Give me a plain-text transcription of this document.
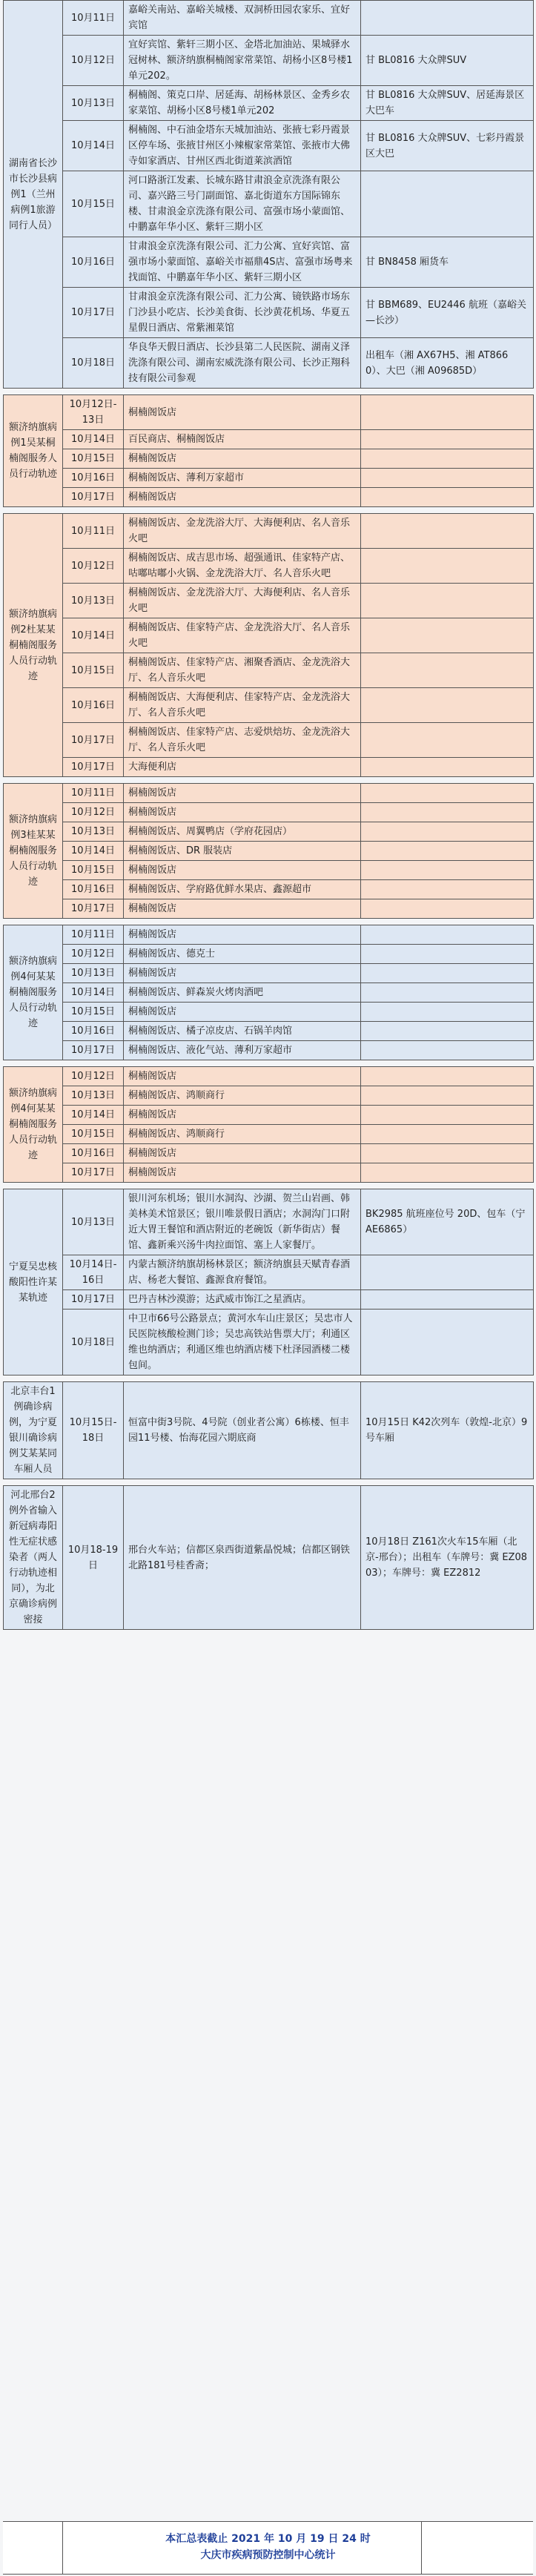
湖南省长沙市长沙县病例1（兰州病例1旅游同行人员）	10月11日	嘉峪关南站、嘉峪关城楼、双洞桥田园农家乐、宜好宾馆	
	10月12日	宜好宾馆、紫轩三期小区、金塔北加油站、果城驿水冠树林、额济纳旗桐楠阁家常菜馆、胡杨小区8号楼1单元202。	甘 BL0816 大众牌SUV
	10月13日	桐楠阁、策克口岸、居延海、胡杨林景区、金秀乡农家菜馆、胡杨小区8号楼1单元202	甘 BL0816 大众牌SUV、居延海景区大巴车
	10月14日	桐楠阁、中石油金塔东天城加油站、张掖七彩丹霞景区停车场、张掖甘州区小辣椒家常菜馆、张掖市大佛寺如家酒店、甘州区西北街道莱滨酒馆	甘 BL0816 大众牌SUV、七彩丹霞景区大巴
	10月15日	河口路浙江发素、长城东路甘肃浪金京洗涤有限公司、嘉兴路三号门副面馆、嘉北街道东方国际锦东楼、甘肃浪金京洗涤有限公司、富强市场小蒙面馆、中鹏嘉年华小区、紫轩三期小区	
	10月16日	甘肃浪金京洗涤有限公司、汇力公寓、宜好宾馆、富强市场小蒙面馆、嘉峪关市福鼎4S店、富强市场粤来找面馆、中鹏嘉年华小区、紫轩三期小区	甘 BN8458 厢货车
	10月17日	甘肃浪金京洗涤有限公司、汇力公寓、镜铁路市场东门沙县小吃店、长沙美食街、长沙黄花机场、华夏五星假日酒店、常紫湘菜馆	甘 BBM689、EU2446 航班（嘉峪关—长沙）
	10月18日	华良华天假日酒店、长沙县第二人民医院、湖南义泽洗涤有限公司、湖南宏威洗涤有限公司、长沙正翔科技有限公司参观	出租车（湘 AX67H5、湘 AT8660）、大巴（湘 A09685D）

额济纳旗病例1吴某桐楠阁服务人员行动轨迹	10月12日-13日	桐楠阁饭店	
	10月14日	百民商店、桐楠阁饭店	
	10月15日	桐楠阁饭店	
	10月16日	桐楠阁饭店、薄利万家超市	
	10月17日	桐楠阁饭店	

额济纳旗病例2杜某某桐楠阁服务人员行动轨迹	10月11日	桐楠阁饭店、金龙洗浴大厅、大海便利店、名人音乐火吧	
	10月12日	桐楠阁饭店、成吉思市场、超强通讯、佳家特产店、咕嘟咕嘟小火锅、金龙洗浴大厅、名人音乐火吧	
	10月13日	桐楠阁饭店、金龙洗浴大厅、大海便利店、名人音乐火吧	
	10月14日	桐楠阁饭店、佳家特产店、金龙洗浴大厅、名人音乐火吧	
	10月15日	桐楠阁饭店、佳家特产店、湘聚香酒店、金龙洗浴大厅、名人音乐火吧	
	10月16日	桐楠阁饭店、大海便利店、佳家特产店、金龙洗浴大厅、名人音乐火吧	
	10月17日	桐楠阁饭店、佳家特产店、志爱烘焙坊、金龙洗浴大厅、名人音乐火吧	
	10月17日	大海便利店	

额济纳旗病例3桂某某桐楠阁服务人员行动轨迹	10月11日	桐楠阁饭店	
	10月12日	桐楠阁饭店	
	10月13日	桐楠阁饭店、周翼鸭店（学府花园店）	
	10月14日	桐楠阁饭店、DR 服装店	
	10月15日	桐楠阁饭店	
	10月16日	桐楠阁饭店、学府路优鲜水果店、鑫源超市	
	10月17日	桐楠阁饭店	

额济纳旗病例4何某某桐楠阁服务人员行动轨迹	10月11日	桐楠阁饭店	
	10月12日	桐楠阁饭店、德克士	
	10月13日	桐楠阁饭店	
	10月14日	桐楠阁饭店、鲜森炭火烤肉酒吧	
	10月15日	桐楠阁饭店	
	10月16日	桐楠阁饭店、橘子凉皮店、石锅羊肉馆	
	10月17日	桐楠阁饭店、液化气站、薄利万家超市	

额济纳旗病例4何某某桐楠阁服务人员行动轨迹	10月12日	桐楠阁饭店	
	10月13日	桐楠阁饭店、鸿顺商行	
	10月14日	桐楠阁饭店	
	10月15日	桐楠阁饭店、鸿顺商行	
	10月16日	桐楠阁饭店	
	10月17日	桐楠阁饭店	

宁夏吴忠核酸阳性许某某轨迹	10月13日	银川河东机场；银川水洞沟、沙湖、贺兰山岩画、韩美林美术馆景区；银川唯景假日酒店；水洞沟门口附近大胃王餐馆和酒店附近的老碗饭（新华街店）餐馆、鑫新乘兴汤牛肉拉面馆、塞上人家餐厅。	BK2985 航班座位号 20D、包车（宁 AE6865）
	10月14日-16日	内蒙古额济纳旗胡杨林景区；额济纳旗县天赋青春酒店、杨老大餐馆、鑫源食府餐馆。	
	10月17日	巴丹吉林沙漠游；达武威市饰江之星酒店。	
	10月18日	中卫市66号公路景点；黄河水车山庄景区；吴忠市人民医院核酸检测门诊；吴忠高铁站售票大厅；利通区维也纳酒店；利通区维也纳酒店楼下杜泽园酒楼二楼包间。	

北京丰台1例确诊病例，为宁夏银川确诊病例艾某某同车厢人员	10月15日-18日	恒富中街3号院、4号院（创业者公寓）6栋楼、恒丰园11号楼、怡海花园六期底商	10月15日 K42次列车（敦煌-北京）9号车厢

河北邢台2例外省输入新冠病毒阳性无症状感染者（两人行动轨迹相同），为北京确诊病例密接	10月18-19日	邢台火车站；信都区泉西街道紫晶悦城；信都区钢铁北路181号桂香斋；	10月18日 Z161次火车15车厢（北京-邢台）；出租车（车牌号：冀 EZ0803）；车牌号：冀 EZ2812
本汇总表截止 2021 年 10 月 19 日 24 时
大庆市疾病预防控制中心统计
